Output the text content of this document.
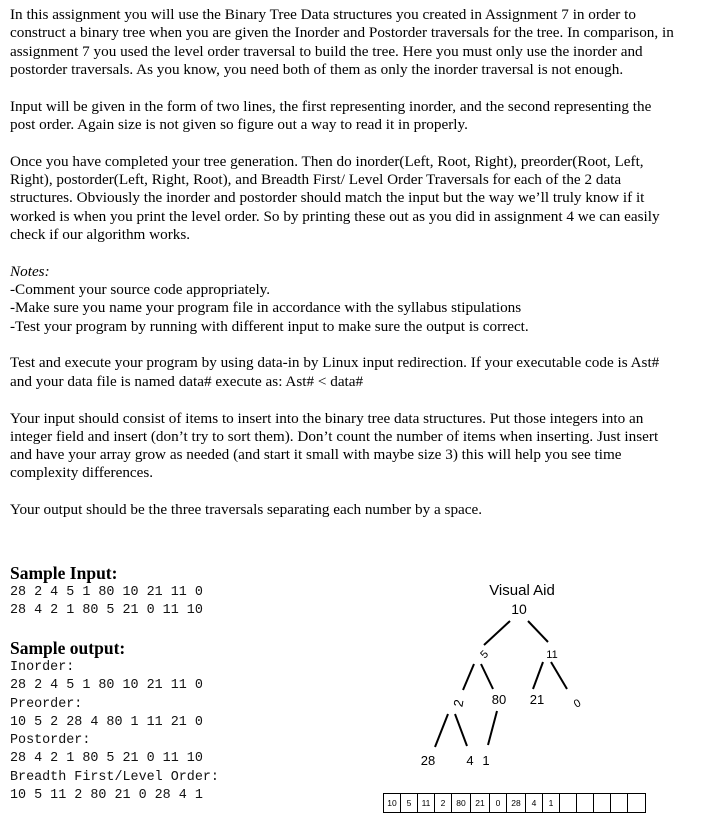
In this assignment you will use the Binary Tree Data structures you created in Assignment 7 in order to construct a binary tree when you are given the Inorder and Postorder traversals for the tree. In comparison, in assignment 7 you used the level order traversal to build the tree. Here you must only use the inorder and postorder traversals. As you know, you need both of them as only the inorder traversal is not enough.

Input will be given in the form of two lines, the first representing inorder, and the second representing the post order. Again size is not given so figure out a way to read it in properly.

Once you have completed your tree generation. Then do inorder(Left, Root, Right), preorder(Root, Left, Right), postorder(Left, Right, Root), and Breadth First/ Level Order Traversals for each of the 2 data structures. Obviously the inorder and postorder should match the input but the way we’ll truly know if it worked is when you print the level order. So by printing these out as you did in assignment 4 we can easily check if our algorithm works.

Notes:
-Comment your source code appropriately.
-Make sure you name your program file in accordance with the syllabus stipulations
-Test your program by running with different input to make sure the output is correct.

Test and execute your program by using data-in by Linux input redirection. If your executable code is Ast# and your data file is named data# execute as: Ast# < data#

Your input should consist of items to insert into the binary tree data structures. Put those integers into an integer field and insert (don’t try to sort them). Don’t count the number of items when inserting. Just insert and have your array grow as needed (and start it small with maybe size 3) this will help you see time complexity differences.

Your output should be the three traversals separating each number by a space.

Sample Input:
28 2 4 5 1 80 10 21 11 0
28 4 2 1 80 5 21 0 11 10
Sample output:
Inorder:
28 2 4 5 1 80 10 21 11 0
Preorder:
10 5 2 28 4 80 1 11 21 0
Postorder:
28 4 2 1 80 5 21 0 11 10
Breadth First/Level Order:
10 5 11 2 80 21 0 28 4 1
Visual Aid
10
5	11
2 80 21	0
28 4 1
10	5	11	2	80	21	0	28	4	1
